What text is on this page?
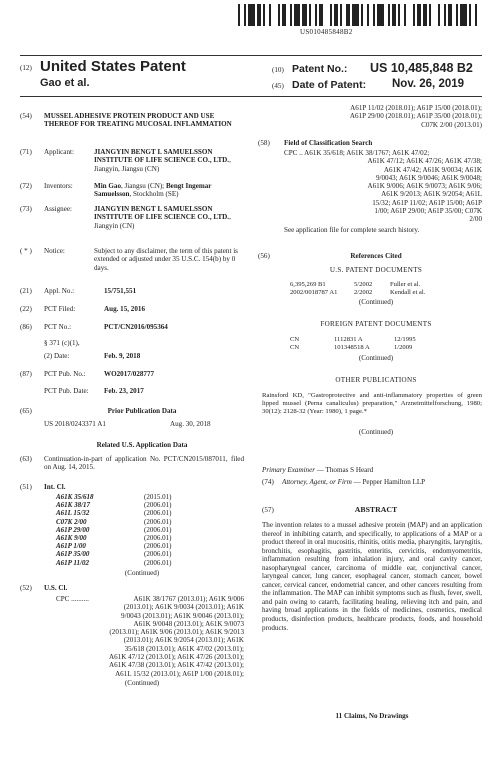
US010485848B2
(12) United States Patent
Gao et al.
(10) Patent No.: US 10,485,848 B2
(45) Date of Patent: Nov. 26, 2019
(54) MUSSEL ADHESIVE PROTEIN PRODUCT AND USE THEREOF FOR TREATING MUCOSAL INFLAMMATION
(71) Applicant:	JIANGYIN BENGT I. SAMUELSSON INSTITUTE OF LIFE SCIENCE CO., LTD., Jiangyin, Jiangsu (CN)
(72) Inventors:	Min Gao, Jiangsu (CN); Bengt Ingemar Samuelsson, Stockholm (SE)
(73) Assignee:	JIANGYIN BENGT I. SAMUELSSON INSTITUTE OF LIFE SCIENCE CO., LTD., Jiangyin (CN)
( * ) Notice:	Subject to any disclaimer, the term of this patent is extended or adjusted under 35 U.S.C. 154(b) by 0 days.
(21) Appl. No.:	15/751,551
(22) PCT Filed:	Aug. 15, 2016
(86) PCT No.:	PCT/CN2016/095364
§ 371 (c)(1),
(2) Date:	Feb. 9, 2018
(87) PCT Pub. No.:	WO2017/028777
PCT Pub. Date: Feb. 23, 2017
(65)	Prior Publication Data
US 2018/0243371 A1	Aug. 30, 2018
Related U.S. Application Data
(63) Continuation-in-part of application No. PCT/CN2015/087011, filed on Aug. 14, 2015.
(51) Int. Cl.
A61K 35/618	(2015.01)
A61K 38/17	(2006.01)
A61L 15/32	(2006.01)
C07K 2/00	(2006.01)
A61P 29/00	(2006.01)
A61K 9/00	(2006.01)
A61P 1/00	(2006.01)
A61P 35/00	(2006.01)
A61P 11/02	(2006.01)
(Continued)
(52) U.S. Cl.
CPC ..........	A61K 38/1767 (2013.01); A61K 9/006
(2013.01); A61K 9/0034 (2013.01); A61K
9/0043 (2013.01); A61K 9/0046 (2013.01);
A61K 9/0048 (2013.01); A61K 9/0073
(2013.01); A61K 9/06 (2013.01); A61K 9/2013
(2013.01); A61K 9/2054 (2013.01); A61K
35/618 (2013.01); A61K 47/02 (2013.01);
A61K 47/12 (2013.01); A61K 47/26 (2013.01);
A61K 47/38 (2013.01); A61K 47/42 (2013.01);
A61L 15/32 (2013.01); A61P 1/00 (2018.01);
(Continued)
A61P 11/02 (2018.01); A61P 15/00 (2018.01);
A61P 29/00 (2018.01); A61P 35/00 (2018.01);
C07K 2/00 (2013.01)
(58) Field of Classification Search
CPC .. A61K 35/618; A61K 38/1767; A61K 47/02;
A61K 47/12; A61K 47/26; A61K 47/38;
A61K 47/42; A61K 9/0034; A61K
9/0043; A61K 9/0046; A61K 9/0048;
A61K 9/006; A61K 9/0073; A61K 9/06;
A61K 9/2013; A61K 9/2054; A61L
15/32; A61P 11/02; A61P 15/00; A61P
1/00; A61P 29/00; A61P 35/00; C07K
2/00
See application file for complete search history.
(56)	References Cited
U.S. PATENT DOCUMENTS
6,395,269 B1	5/2002	Fuller et al.
2002/0018787 A1	2/2002	Kendall et al.
(Continued)
FOREIGN PATENT DOCUMENTS
CN	1112831 A	12/1995
CN	101348518 A	1/2009
(Continued)
OTHER PUBLICATIONS
Rainsford KD, "Gastroprotective and anti-inflammatory properties of green lipped mussel (Perna canaliculus) preparation," Arzneimittelforschung, 1980; 30(12): 2128-32 (Year: 1980), 1 page.*
(Continued)
Primary Examiner — Thomas S Heard
(74) Attorney, Agent, or Firm — Pepper Hamilton LLP
(57)	ABSTRACT
The invention relates to a mussel adhesive protein (MAP) and an application thereof in inhibiting catarrh, and specifically, to applications of a MAP or a product thereof in oral mucositis, rhinitis, otitis media, pharyngitis, laryngitis, bronchitis, esophagitis, gastritis, enteritis, cervicitis, endomyometritis, inflammation resulting from inhalation injury, and oral cavity cancer, nasopharyngeal cancer, carcinoma of middle ear, conjunctival cancer, laryngeal cancer, lung cancer, esophageal cancer, stomach cancer, bowel cancer, cervical cancer, endometrial cancer, and other cancers resulting from the inflammation. The MAP can inhibit symptoms such as flush, fever, swell, and pain owing to catarrh, facilitating healing, relieving itch and pain, and having broad applications in the fields of medicines, cosmetics, medical products, disinfection products, healthcare products, foods, and household products.
11 Claims, No Drawings
